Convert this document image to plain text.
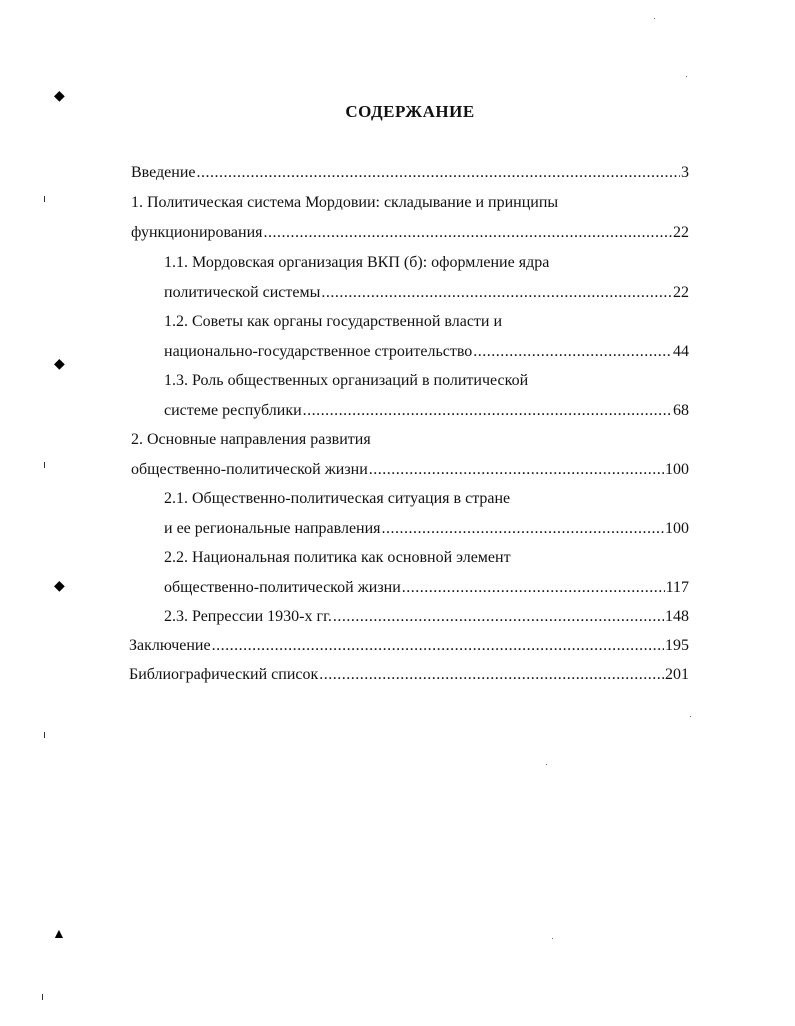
◆
◆
◆
▲
СОДЕРЖАНИЕ
Введение .....	3
1. Политическая система Мордовии: складывание и принципы
функционирования .....	22
1.1. Мордовская организация ВКП (б): оформление ядра
политической системы .....	22
1.2. Советы как органы государственной власти и
национально-государственное строительство .....	44
1.3. Роль общественных организаций в политической
системе республики .....	68
2. Основные направления развития
общественно-политической жизни .....	100
2.1. Общественно-политическая ситуация в стране
и ее региональные направления .....	100
2.2. Национальная политика как основной элемент
общественно-политической жизни .....	117
2.3. Репрессии 1930-х гг. .....	148
Заключение .....	195
Библиографический список .....	201
